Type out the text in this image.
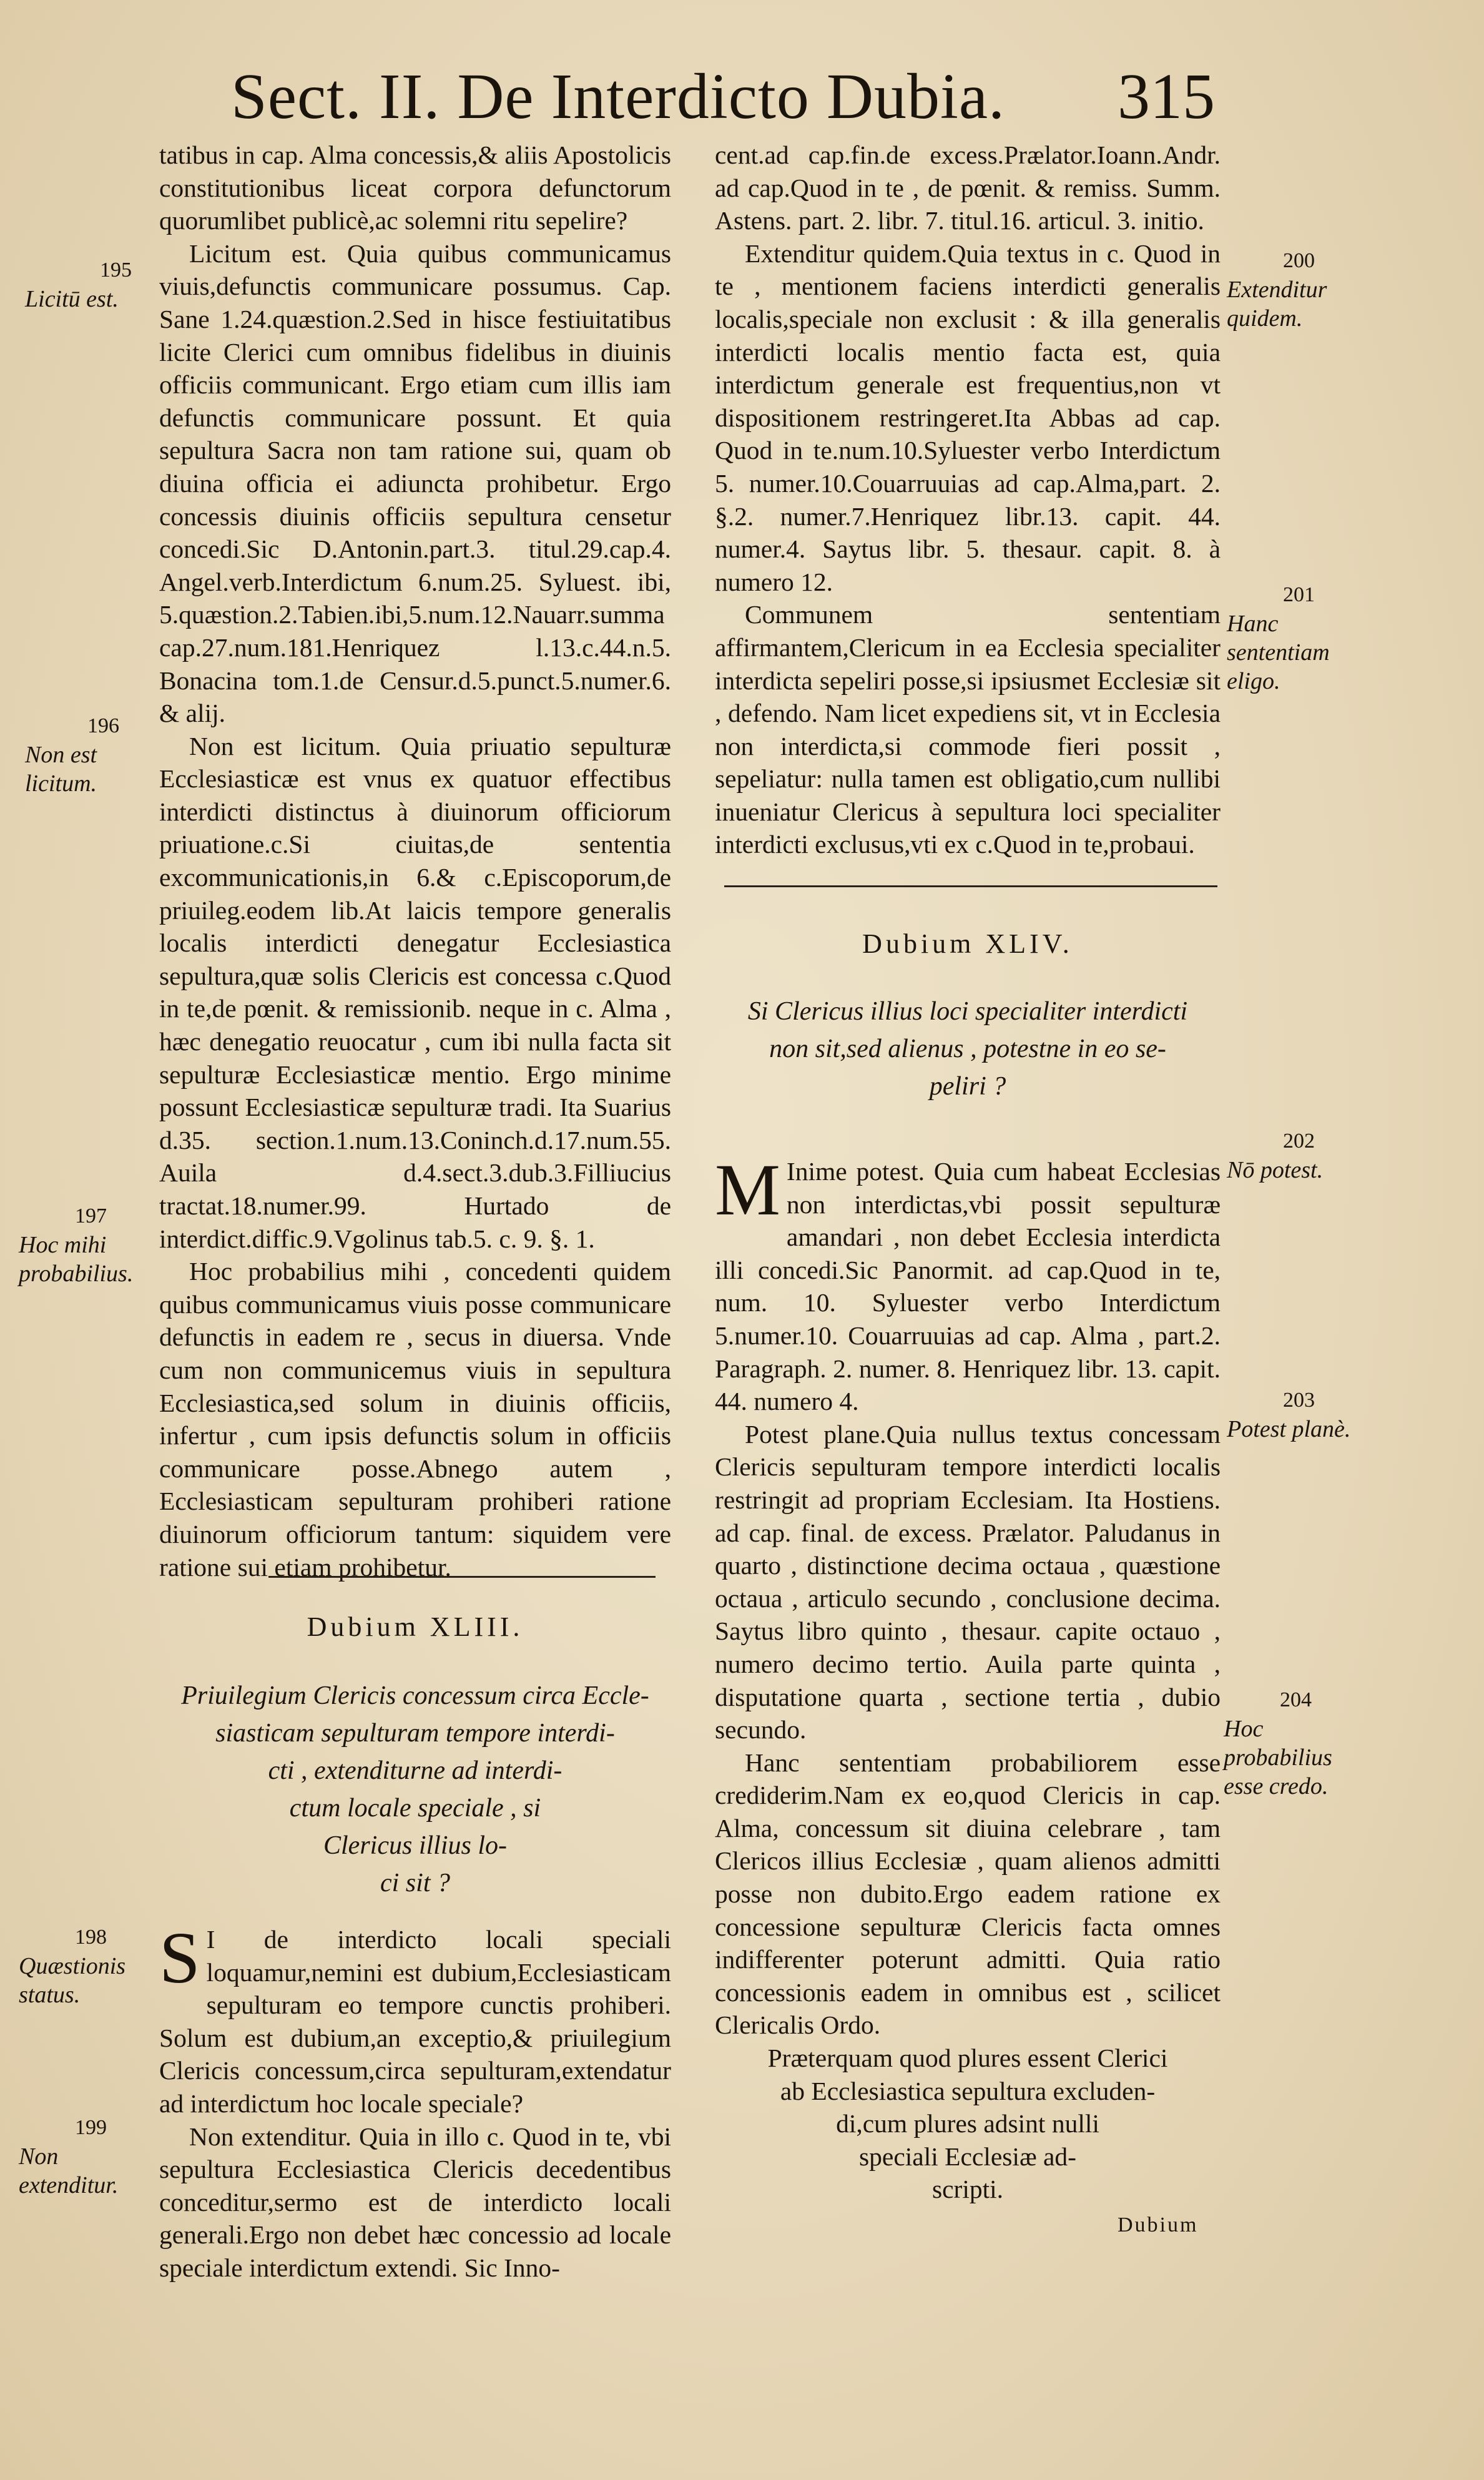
Sect. II. De Interdicto Dubia. 315

tatibus in cap. Alma concessis,& aliis Apostolicis constitutionibus liceat corpora defunctorum quorumlibet publicè,ac solemni ritu sepelire?

Licitum est. Quia quibus communicamus viuis,defunctis communicare possumus. Cap. Sane 1.24.quæstion.2.Sed in hisce festiuitatibus licite Clerici cum omnibus fidelibus in diuinis officiis communicant. Ergo etiam cum illis iam defunctis communicare possunt. Et quia sepultura Sacra non tam ratione sui, quam ob diuina officia ei adiuncta prohibetur. Ergo concessis diuinis officiis sepultura censetur concedi.Sic D.Antonin.part.3. titul.29.cap.4. Angel.verb.Interdictum 6.num.25. Syluest. ibi, 5.quæstion.2.Tabien.ibi,5.num.12.Nauarr.summa cap.27.num.181.Henriquez l.13.c.44.n.5. Bonacina tom.1.de Censur.d.5.punct.5.numer.6. & alij.

Non est licitum. Quia priuatio sepulturæ Ecclesiasticæ est vnus ex quatuor effectibus interdicti distinctus à diuinorum officiorum priuatione.c.Si ciuitas,de sententia excommunicationis,in 6.& c.Episcoporum,de priuileg.eodem lib.At laicis tempore generalis localis interdicti denegatur Ecclesiastica sepultura,quæ solis Clericis est concessa c.Quod in te,de pœnit. & remissionib. neque in c. Alma , hæc denegatio reuocatur , cum ibi nulla facta sit sepulturæ Ecclesiasticæ mentio. Ergo minime possunt Ecclesiasticæ sepulturæ tradi. Ita Suarius d.35. section.1.num.13.Coninch.d.17.num.55. Auila d.4.sect.3.dub.3.Filliucius tractat.18.numer.99. Hurtado de interdict.diffic.9.Vgolinus tab.5. c. 9. §. 1.

Hoc probabilius mihi , concedenti quidem quibus communicamus viuis posse communicare defunctis in eadem re , secus in diuersa. Vnde cum non communicemus viuis in sepultura Ecclesiastica,sed solum in diuinis officiis, infertur , cum ipsis defunctis solum in officiis communicare posse.Abnego autem , Ecclesiasticam sepulturam prohiberi ratione diuinorum officiorum tantum: siquidem vere ratione sui etiam prohibetur.

Dubium XLIII.
Priuilegium Clericis concessum circa Eccle-
siasticam sepulturam tempore interdi-
cti , extenditurne ad interdi-
ctum locale speciale , si
Clericus illius lo-
ci sit ?

S I de interdicto locali speciali loquamur,nemini est dubium,Ecclesiasticam sepulturam eo tempore cunctis prohiberi. Solum est dubium,an exceptio,& priuilegium Clericis concessum,circa sepulturam,extendatur ad interdictum hoc locale speciale?

Non extenditur. Quia in illo c. Quod in te, vbi sepultura Ecclesiastica Clericis decedentibus conceditur,sermo est de interdicto locali generali.Ergo non debet hæc concessio ad locale speciale interdictum extendi. Sic Inno-

cent.ad cap.fin.de excess.Prælator.Ioann.Andr. ad cap.Quod in te , de pœnit. & remiss. Summ. Astens. part. 2. libr. 7. titul.16. articul. 3. initio.

Extenditur quidem.Quia textus in c. Quod in te , mentionem faciens interdicti generalis localis,speciale non exclusit : & illa generalis interdicti localis mentio facta est, quia interdictum generale est frequentius,non vt dispositionem restringeret.Ita Abbas ad cap. Quod in te.num.10.Syluester verbo Interdictum 5. numer.10.Couarruuias ad cap.Alma,part. 2. §.2. numer.7.Henriquez libr.13. capit. 44. numer.4. Saytus libr. 5. thesaur. capit. 8. à numero 12.

Communem sententiam affirmantem,Clericum in ea Ecclesia specialiter interdicta sepeliri posse,si ipsiusmet Ecclesiæ sit , defendo. Nam licet expediens sit, vt in Ecclesia non interdicta,si commode fieri possit , sepeliatur: nulla tamen est obligatio,cum nullibi inueniatur Clericus à sepultura loci specialiter interdicti exclusus,vti ex c.Quod in te,probaui.

Dubium XLIV.
Si Clericus illius loci specialiter interdicti
non sit,sed alienus , potestne in eo se-
peliri ?

M Inime potest. Quia cum habeat Ecclesias non interdictas,vbi possit sepulturæ amandari , non debet Ecclesia interdicta illi concedi.Sic Panormit. ad cap.Quod in te, num. 10. Syluester verbo Interdictum 5.numer.10. Couarruuias ad cap. Alma , part.2. Paragraph. 2. numer. 8. Henriquez libr. 13. capit. 44. numero 4.

Potest plane.Quia nullus textus concessam Clericis sepulturam tempore interdicti localis restringit ad propriam Ecclesiam. Ita Hostiens. ad cap. final. de excess. Prælator. Paludanus in quarto , distinctione decima octaua , quæstione octaua , articulo secundo , conclusione decima. Saytus libro quinto , thesaur. capite octauo , numero decimo tertio. Auila parte quinta , disputatione quarta , sectione tertia , dubio secundo.

Hanc sententiam probabiliorem esse crediderim.Nam ex eo,quod Clericis in cap. Alma, concessum sit diuina celebrare , tam Clericos illius Ecclesiæ , quam alienos admitti posse non dubito.Ergo eadem ratione ex concessione sepulturæ Clericis facta omnes indifferenter poterunt admitti. Quia ratio concessionis eadem in omnibus est , scilicet Clericalis Ordo.

Præterquam quod plures essent Clerici
ab Ecclesiastica sepultura excluden-
di,cum plures adsint nulli
speciali Ecclesiæ ad-
scripti.
Dubium
195
Licitū est.
196
Non est licitum.
197
Hoc mihi probabilius.
198
Quæstionis status.
199
Non extenditur.
200
Extenditur quidem.
201
Hanc sententiam eligo.
202
Nō potest.
203
Potest planè.
204
Hoc probabilius esse credo.
